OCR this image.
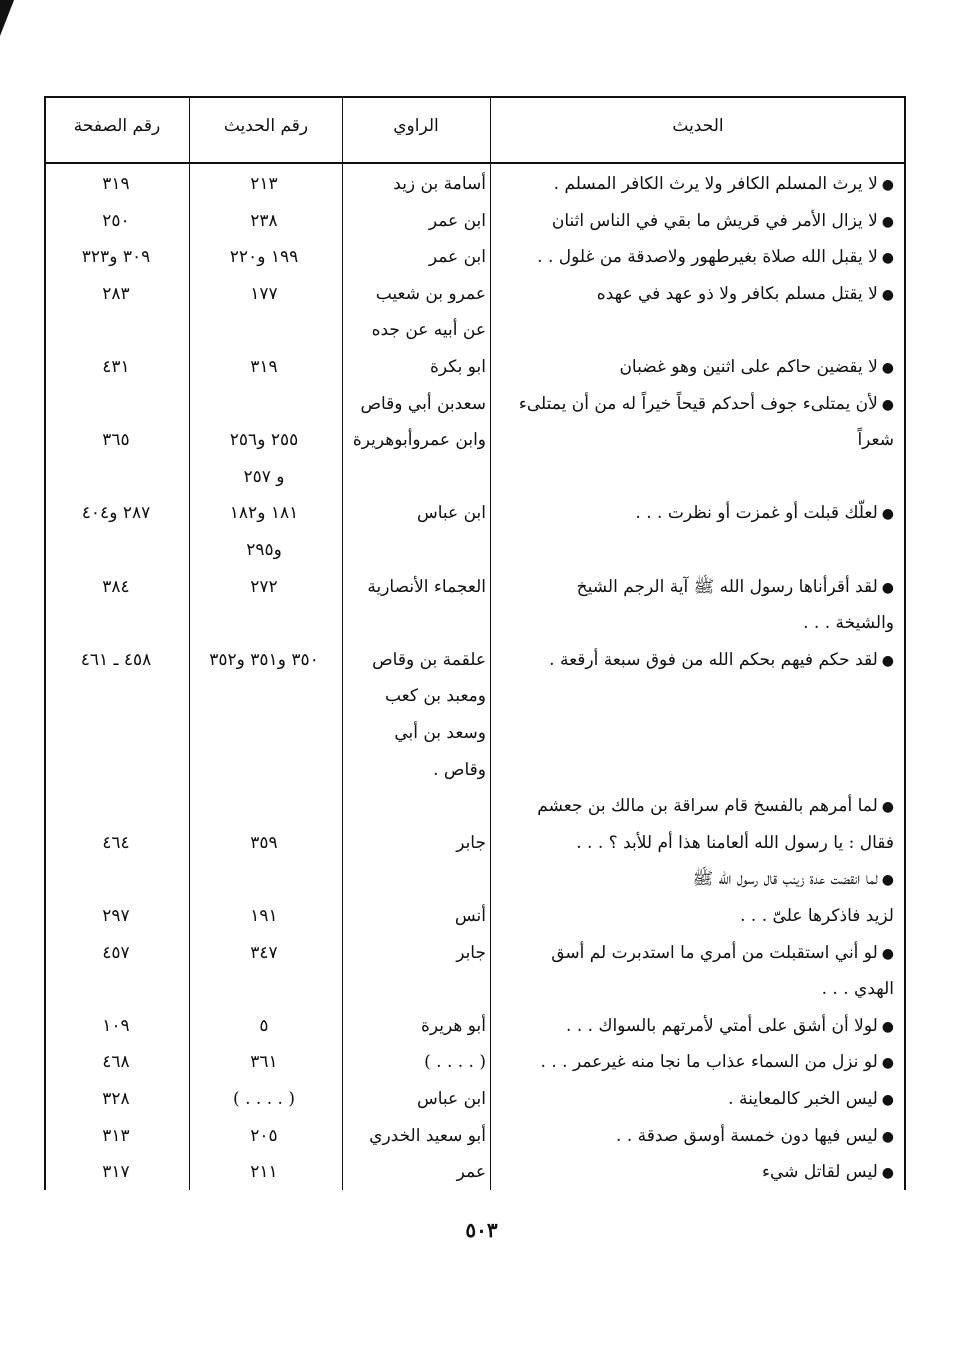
الحديث
الراوي
رقم الحديث
رقم الصفحة
● لا يرث المسلم الكافر ولا يرث الكافر المسلم .
أسامة بن زيد
٢١٣
٣١٩
● لا يزال الأمر في قريش ما بقي في الناس اثنان
ابن عمر
٢٣٨
٢٥٠
● لا يقبل الله صلاة بغيرطهور ولاصدقة من غلول . .
ابن عمر
١٩٩ و٢٢٠
٣٠٩ و٣٢٣
● لا يقتل مسلم بكافر ولا ذو عهد في عهده
عمرو بن شعيب
١٧٧
٢٨٣
عن أبيه عن جده
● لا يقضين حاكم على اثنين وهو غضبان
ابو بكرة
٣١٩
٤٣١
● لأن يمتلىء جوف أحدكم قيحاً خيراً له من أن يمتلىء
سعدبن أبي وقاص
شعراً
وابن عمروأبوهريرة
٢٥٥ و٢٥٦
٣٦٥
و ٢٥٧
● لعلّك قبلت أو غمزت أو نظرت . . .
ابن عباس
١٨١ و١٨٢
٢٨٧ و٤٠٤
و٢٩٥
● لقد أقرأناها رسول الله ﷺ آية الرجم الشيخ
العجماء الأنصارية
٢٧٢
٣٨٤
والشيخة . . .
● لقد حكم فيهم بحكم الله من فوق سبعة أرقعة .
علقمة بن وقاص
٣٥٠ و٣٥١ و٣٥٢
٤٥٨ ـ ٤٦١
ومعبد بن كعب
وسعد بن أبي
وقاص .
● لما أمرهم بالفسخ قام سراقة بن مالك بن جعشم
فقال : يا رسول الله ألعامنا هذا أم للأبد ؟ . . .
جابر
٣٥٩
٤٦٤
● لما انقضت عدة زينب قال رسول الله ﷺ
لزيد فاذكرها علىّ . . .
أنس
١٩١
٢٩٧
● لو أني استقبلت من أمري ما استدبرت لم أسق
جابر
٣٤٧
٤٥٧
الهدي . . .
● لولا أن أشق على أمتي لأمرتهم بالسواك . . .
أبو هريرة
٥
١٠٩
● لو نزل من السماء عذاب ما نجا منه غيرعمر . . .
( . . . . )
٣٦١
٤٦٨
● ليس الخبر كالمعاينة .
ابن عباس
( . . . . )
٣٢٨
● ليس فيها دون خمسة أوسق صدقة . .
أبو سعيد الخدري
٢٠٥
٣١٣
● ليس لقاتل شيء
عمر
٢١١
٣١٧
٥٠٣
